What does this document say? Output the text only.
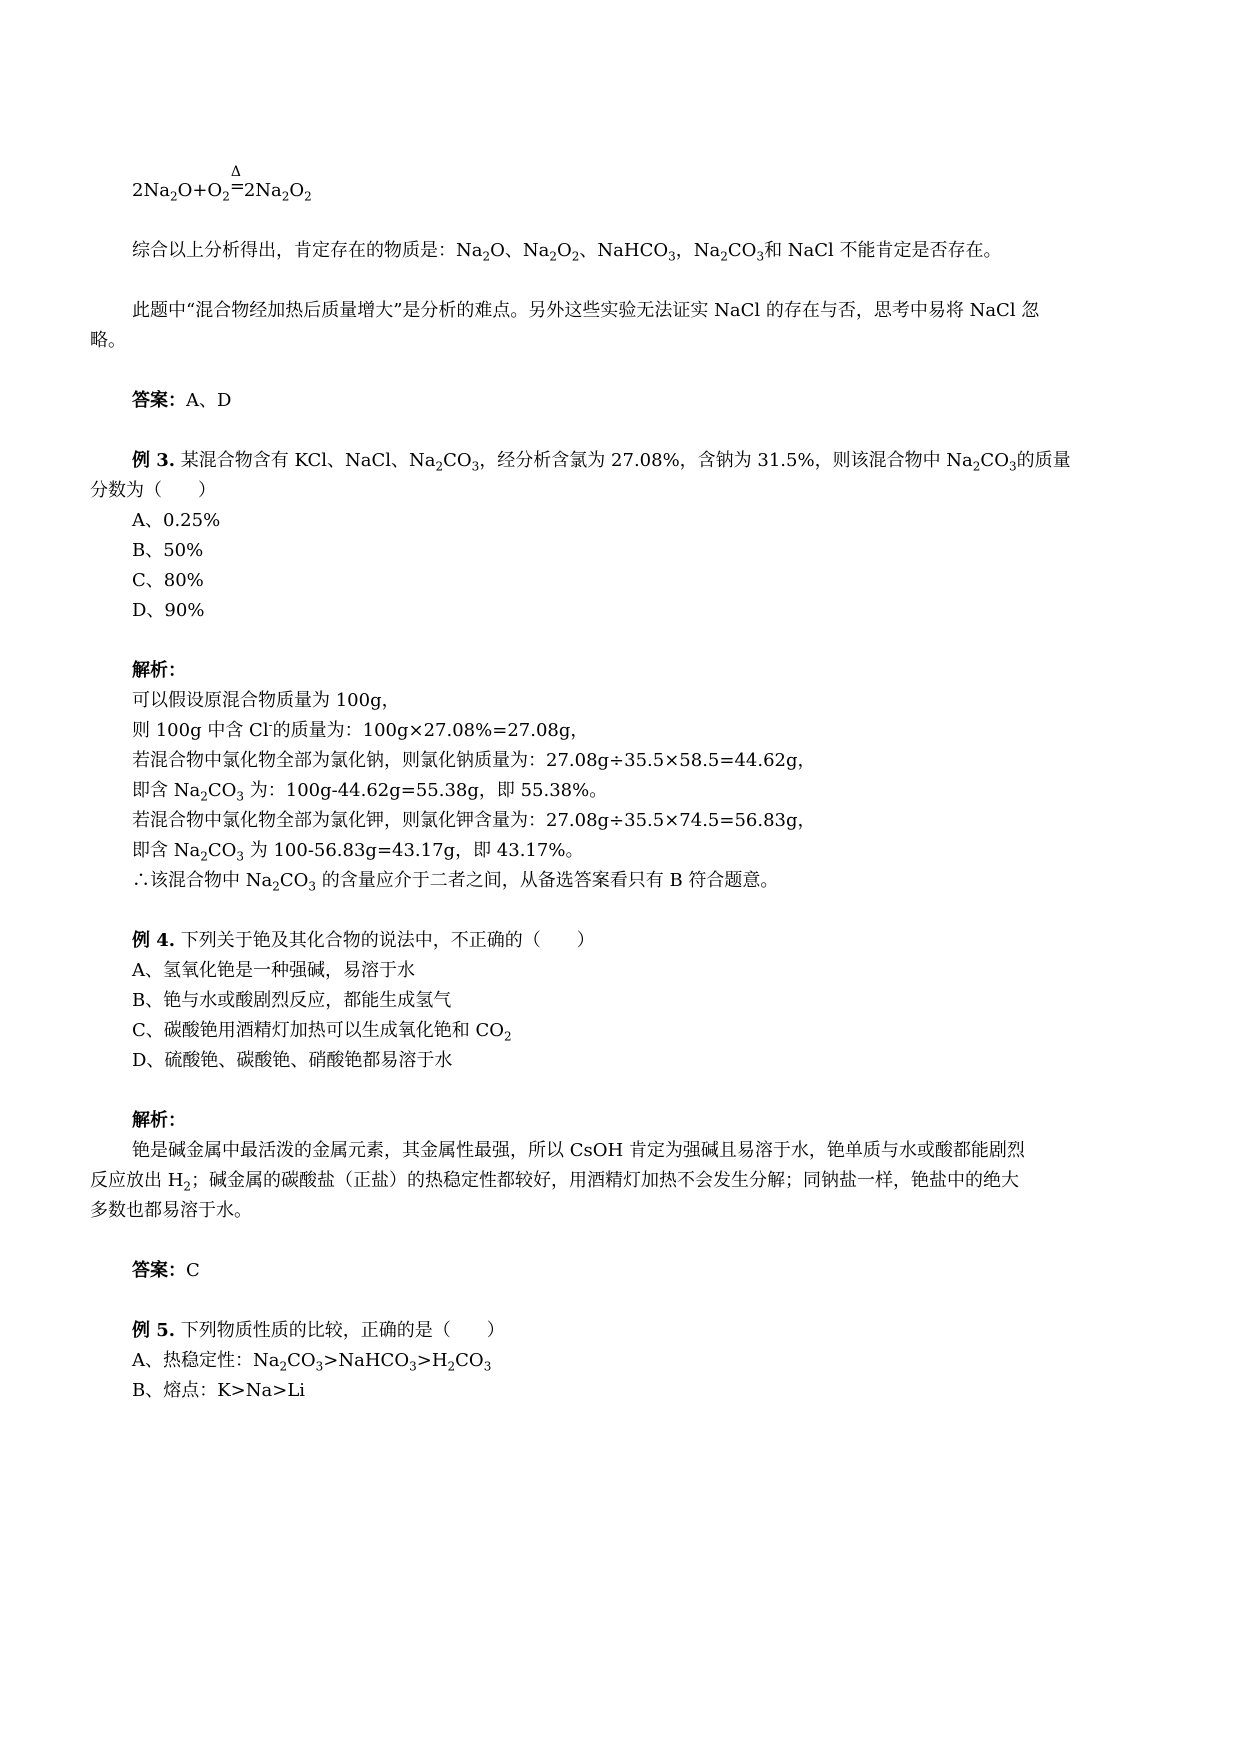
$2Na_2O+O_2$
Δ
=
$2Na_2O_2$
综合以上分析得出，肯定存在的物质是：$Na_2O$、$Na_2O_2$、NaHCO$_3$，$Na_2CO_3$和 NaCl 不能肯定是否存在。
此题中“混合物经加热后质量增大”是分析的难点。另外这些实验无法证实 NaCl 的存在与否，思考中易将 NaCl 忽
略。
答案：A、D
例 3. 某混合物含有 KCl、NaCl、$Na_2CO_3$，经分析含氯为 27.08%，含钠为 31.5%，则该混合物中 $Na_2CO_3$的质量
分数为（　　）
A、0.25%
B、50%
C、80%
D、90%
解析：
可以假设原混合物质量为 100g，
则 100g 中含 Cl-的质量为：100g×27.08%=27.08g，
若混合物中氯化物全部为氯化钠，则氯化钠质量为：27.08g÷35.5×58.5=44.62g，
即含 $Na_2CO_3$ 为：100g-44.62g=55.38g，即 55.38%。
若混合物中氯化物全部为氯化钾，则氯化钾含量为：27.08g÷35.5×74.5=56.83g，
即含 $Na_2CO_3$ 为 100-56.83g=43.17g，即 43.17%。
∴该混合物中 $Na_2CO_3$ 的含量应介于二者之间，从备选答案看只有 B 符合题意。
例 4. 下列关于铯及其化合物的说法中，不正确的（　　）
A、氢氧化铯是一种强碱，易溶于水
B、铯与水或酸剧烈反应，都能生成氢气
C、碳酸铯用酒精灯加热可以生成氧化铯和 $CO_2$
D、硫酸铯、碳酸铯、硝酸铯都易溶于水
解析：
铯是碱金属中最活泼的金属元素，其金属性最强，所以 CsOH 肯定为强碱且易溶于水，铯单质与水或酸都能剧烈
反应放出 $H_2$；碱金属的碳酸盐（正盐）的热稳定性都较好，用酒精灯加热不会发生分解；同钠盐一样，铯盐中的绝大
多数也都易溶于水。
答案：C
例 5. 下列物质性质的比较，正确的是（　　）
A、热稳定性：$Na_2CO_3>NaHCO_3>H_2CO_3$
B、熔点：K>Na>Li
